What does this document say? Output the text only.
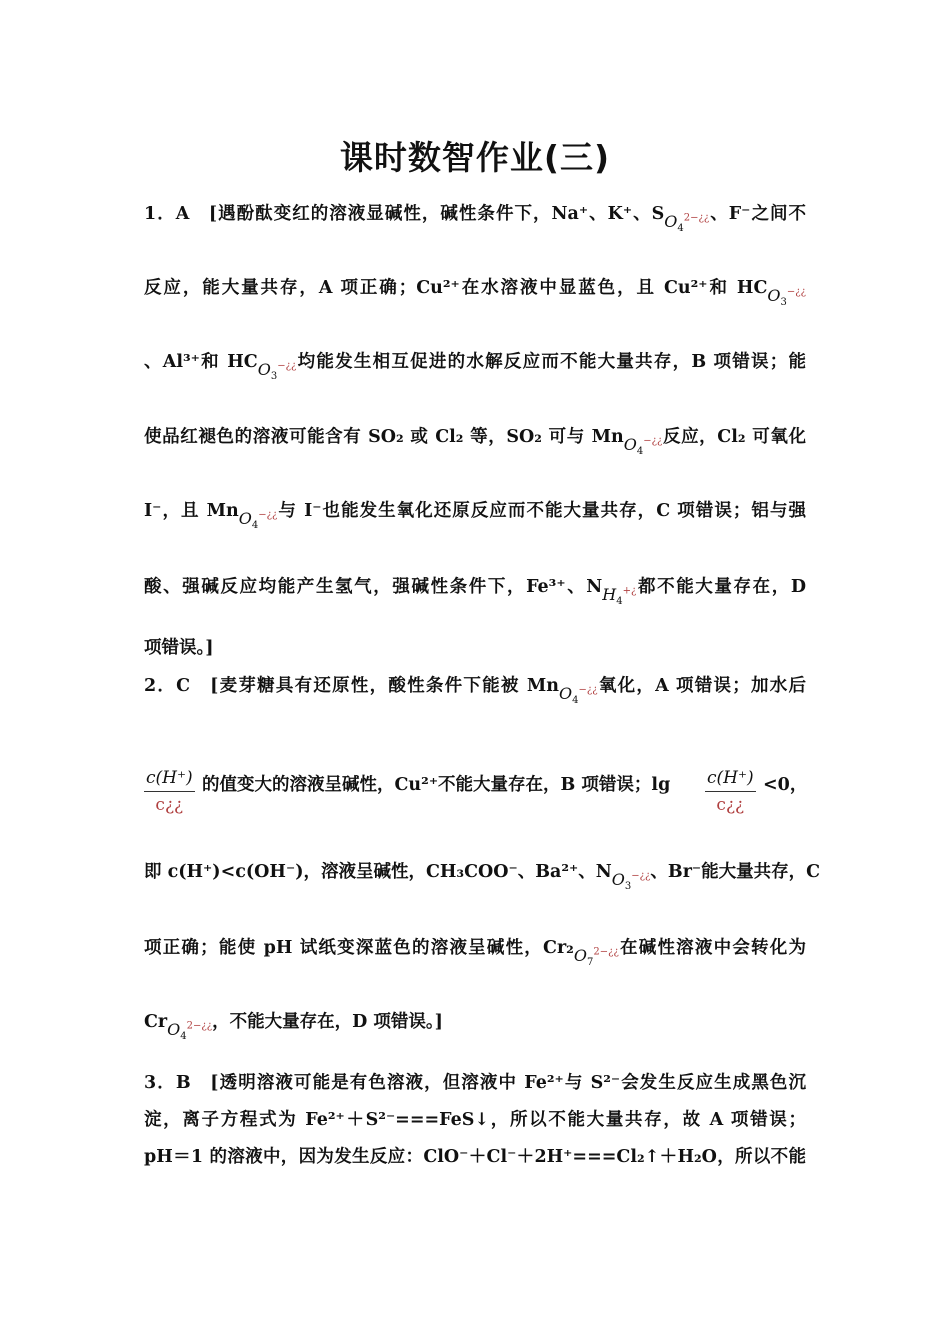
课时数智作业(三)
1．A　[遇酚酞变红的溶液显碱性，碱性条件下，Na⁺、K⁺、$SO_4^{2-¿¿}$、F⁻之间不
反应，能大量共存，A 项正确；Cu²⁺在水溶液中显蓝色，且 Cu²⁺和 $HCO_3^{-¿¿}$
、Al³⁺和 $HCO_3^{-¿¿}$均能发生相互促进的水解反应而不能大量共存，B 项错误；能
使品红褪色的溶液可能含有 SO₂ 或 Cl₂ 等，SO₂ 可与 MnO$_4$−¿¿反应，Cl₂ 可氧化
I⁻，且 MnO$_4$−¿¿与 I⁻也能发生氧化还原反应而不能大量共存，C 项错误；铝与强
酸、强碱反应均能产生氢气，强碱性条件下，Fe³⁺、$NH_4^{+¿}$都不能大量存在，D
项错误。]
2．C　[麦芽糖具有还原性，酸性条件下能被 MnO$_4$−¿¿氧化，A 项错误；加水后
$\frac{c(H^+)}{c¿¿}$ 的值变大的溶液呈碱性，Cu²⁺不能大量存在，B 项错误；$\lg \frac{c(H^+)}{c¿¿} <0$，
即 c(H⁺)<c(OH⁻)，溶液呈碱性，CH₃COO⁻、Ba²⁺、$NO_3^{-¿¿}$、Br⁻能大量共存，C
项正确；能使 pH 试纸变深蓝色的溶液呈碱性，$Cr_2O_7^{2-¿¿}$在碱性溶液中会转化为
CrO$_4^{2-¿¿}$，不能大量存在，D 项错误。]
3．B　[透明溶液可能是有色溶液，但溶液中 Fe²⁺与 S²⁻会发生反应生成黑色沉
淀，离子方程式为 Fe²⁺＋S²⁻===FeS↓，所以不能大量共存，故 A 项错误；
pH＝1 的溶液中，因为发生反应：ClO⁻＋Cl⁻＋2H⁺===Cl₂↑＋H₂O，所以不能
